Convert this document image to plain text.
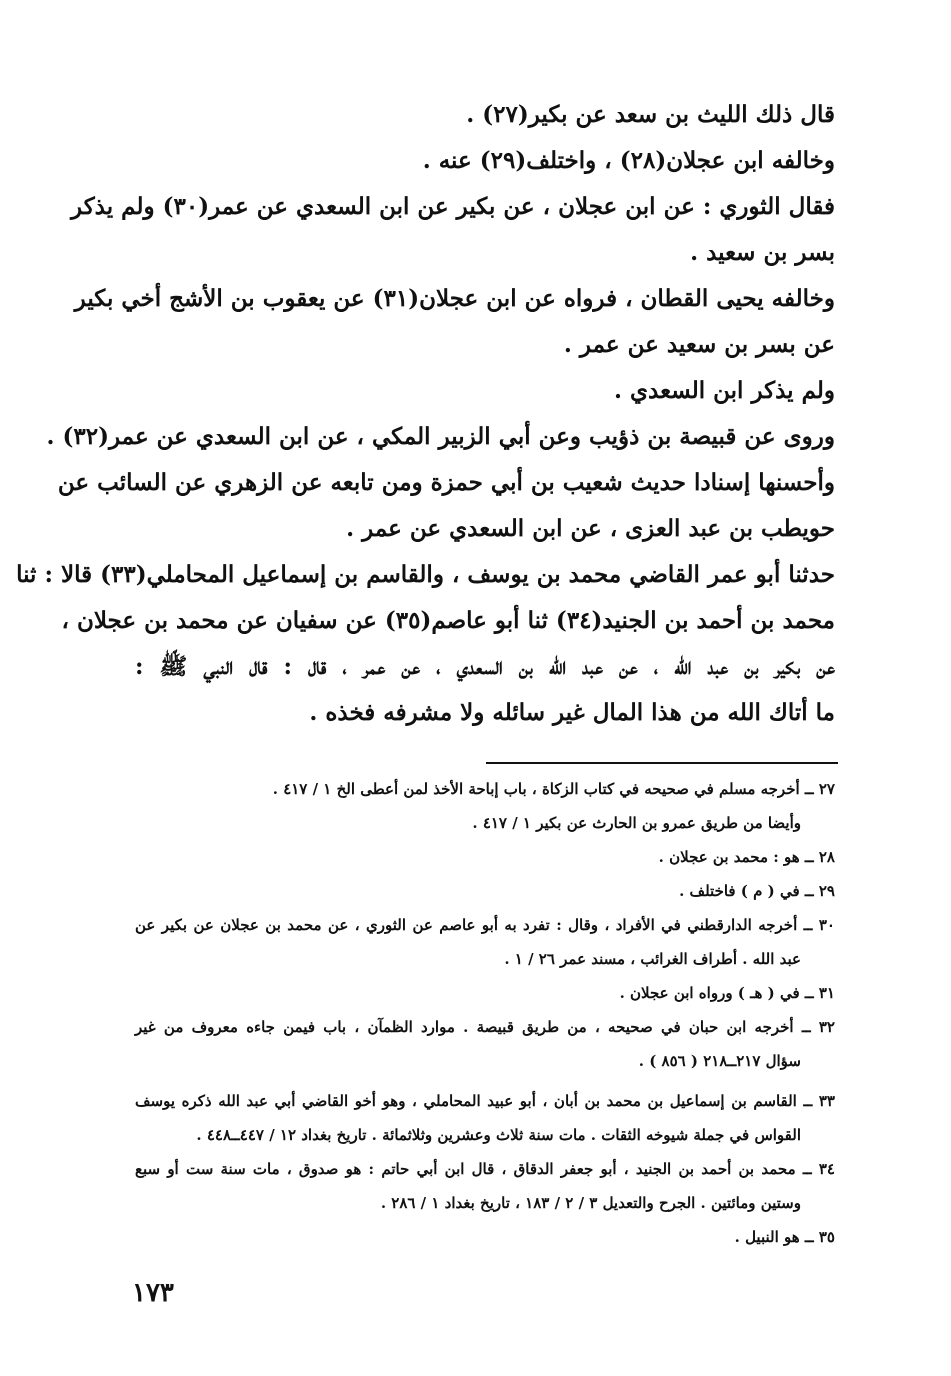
قال ذلك الليث بن سعد عن بكير(٢٧) .
وخالفه ابن عجلان(٢٨) ، واختلف(٢٩) عنه .
فقال الثوري : عن ابن عجلان ، عن بكير عن ابن السعدي عن عمر(٣٠) ولم يذكر
بسر بن سعيد .
وخالفه يحيى القطان ، فرواه عن ابن عجلان(٣١) عن يعقوب بن الأشج أخي بكير
عن بسر بن سعيد عن عمر .
ولم يذكر ابن السعدي .
وروى عن قبيصة بن ذؤيب وعن أبي الزبير المكي ، عن ابن السعدي عن عمر(٣٢) .
وأحسنها إسنادا حديث شعيب بن أبي حمزة ومن تابعه عن الزهري عن السائب عن
حويطب بن عبد العزى ، عن ابن السعدي عن عمر .
حدثنا أبو عمر القاضي محمد بن يوسف ، والقاسم بن إسماعيل المحاملي(٣٣) قالا : ثنا
محمد بن أحمد بن الجنيد(٣٤) ثنا أبو عاصم(٣٥) عن سفيان عن محمد بن عجلان ،
عن بكير بن عبد الله ، عن عبد الله بن السعدي ، عن عمر ، قال : قال النبي ﷺ :
ما أتاك الله من هذا المال غير سائله ولا مشرفه فخذه .
٢٧ ــ أخرجه مسلم في صحيحه في كتاب الزكاة ، باب إباحة الأخذ لمن أعطى الخ ١ / ٤١٧ .
وأيضا من طريق عمرو بن الحارث عن بكير ١ / ٤١٧ .
٢٨ ــ هو : محمد بن عجلان .
٢٩ ــ في ( م ) فاختلف .
٣٠ ــ أخرجه الدارقطني في الأفراد ، وقال : تفرد به أبو عاصم عن الثوري ، عن محمد بن عجلان عن بكير عن
عبد الله . أطراف الغرائب ، مسند عمر ٢٦ / ١ .
٣١ ــ في ( هـ ) ورواه ابن عجلان .
٣٢ ــ أخرجه ابن حبان في صحيحه ، من طريق قبيصة . موارد الظمآن ، باب فيمن جاءه معروف من غير
سؤال ٢١٧ــ٢١٨ ( ٨٥٦ ) .
٣٣ ــ القاسم بن إسماعيل بن محمد بن أبان ، أبو عبيد المحاملي ، وهو أخو القاضي أبي عبد الله ذكره يوسف
القواس في جملة شيوخه الثقات . مات سنة ثلاث وعشرين وثلاثمائة . تاريخ بغداد ١٢ / ٤٤٧ــ٤٤٨ .
٣٤ ــ محمد بن أحمد بن الجنيد ، أبو جعفر الدقاق ، قال ابن أبي حاتم : هو صدوق ، مات سنة ست أو سبع
وستين ومائتين . الجرح والتعديل ٣ / ٢ / ١٨٣ ، تاريخ بغداد ١ / ٢٨٦ .
٣٥ ــ هو النبيل .
١٧٣
